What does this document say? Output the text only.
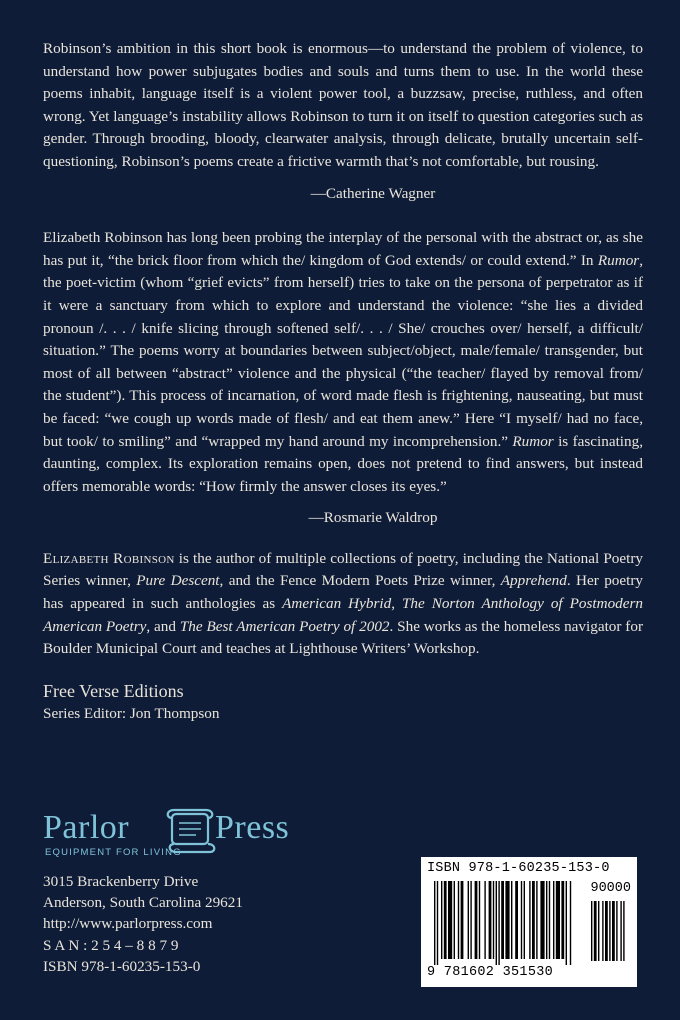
Robinson’s ambition in this short book is enormous—to understand the problem of violence, to understand how power subjugates bodies and souls and turns them to use. In the world these poems inhabit, language itself is a violent power tool, a buzzsaw, precise, ruthless, and often wrong. Yet language’s instability allows Robinson to turn it on itself to question categories such as gender. Through brooding, bloody, clearwater analysis, through delicate, brutally uncertain self-questioning, Robinson’s poems create a frictive warmth that’s not comfortable, but rousing.

—Catherine Wagner

Elizabeth Robinson has long been probing the interplay of the personal with the abstract or, as she has put it, “the brick floor from which the/ kingdom of God extends/ or could extend.” In Rumor, the poet-victim (whom “grief evicts” from herself) tries to take on the persona of perpetrator as if it were a sanctuary from which to explore and understand the violence: “she lies a divided pronoun /. . . / knife slicing through softened self/. . . / She/ crouches over/ herself, a difficult/ situation.” The poems worry at boundaries between subject/object, male/female/ transgender, but most of all between “abstract” violence and the physical (“the teacher/ flayed by removal from/ the student”). This process of incarnation, of word made flesh is frightening, nauseating, but must be faced: “we cough up words made of flesh/ and eat them anew.” Here “I myself/ had no face, but took/ to smiling” and “wrapped my hand around my incomprehension.” Rumor is fascinating, daunting, complex. Its exploration remains open, does not pretend to find answers, but instead offers memorable words: “How firmly the answer closes its eyes.”

—Rosmarie Waldrop

Elizabeth Robinson is the author of multiple collections of poetry, including the National Poetry Series winner, Pure Descent, and the Fence Modern Poets Prize winner, Apprehend. Her poetry has appeared in such anthologies as American Hybrid, The Norton Anthology of Postmodern American Poetry, and The Best American Poetry of 2002. She works as the homeless navigator for Boulder Municipal Court and teaches at Lighthouse Writers’ Workshop.

Free Verse Editions
Series Editor: Jon Thompson
Parlor	Press
EQUIPMENT FOR LIVING
3015 Brackenberry Drive
Anderson, South Carolina 29621
http://www.parlorpress.com
S A N : 2 5 4 – 8 8 7 9
ISBN 978-1-60235-153-0
ISBN 978-1-60235-153-0
90000
9 781602 351530
